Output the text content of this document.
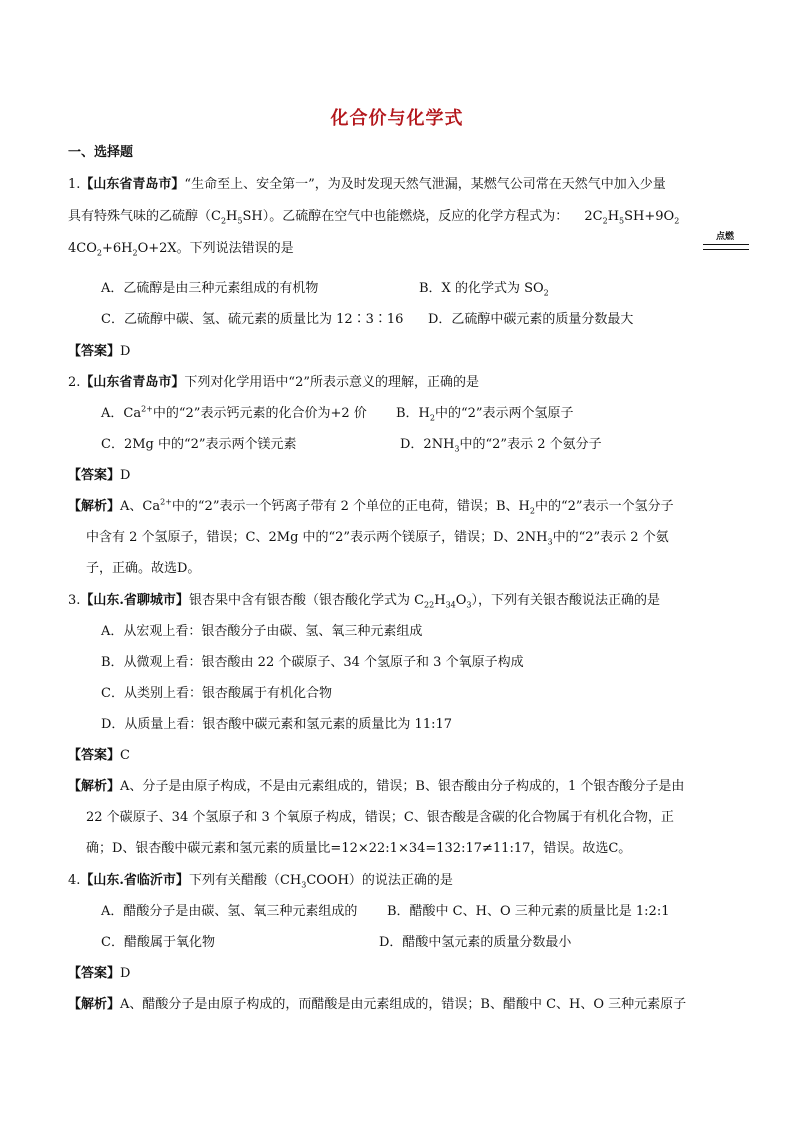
化合价与化学式
一、选择题
1.【山东省青岛市】“生命至上、安全第一”，为及时发现天然气泄漏，某燃气公司常在天然气中加入少量
具有特殊气味的乙硫醇$(C_2H_5SH)$。乙硫醇在空气中也能燃烧，反应的化学方程式为： $2C_2H_5SH+9O_2$
点燃
$4CO_2+6H_2O+2X$。下列说法错误的是
A．乙硫醇是由三种元素组成的有机物	B．X 的化学式为 $SO_2$
C．乙硫醇中碳、氢、硫元素的质量比为 12∶3∶16 D．乙硫醇中碳元素的质量分数最大
【答案】D
2.【山东省青岛市】下列对化学用语中“2”所表示意义的理解，正确的是
A．$Ca^{2+}$中的“2”表示钙元素的化合价为+2 价 B．$H_2$中的“2”表示两个氢原子
C．2Mg 中的“2”表示两个镁元素	D．$2NH_3$中的“2”表示 2 个氨分子
【答案】D
【解析】A、$Ca^{2+}$中的“2”表示一个钙离子带有 2 个单位的正电荷，错误；B、$H_2$中的“2”表示一个氢分子
中含有 2 个氢原子，错误；C、2Mg 中的“2”表示两个镁原子，错误；D、$2NH_3$中的“2”表示 2 个氨
子，正确。故选D。
3.【山东.省聊城市】银杏果中含有银杏酸（银杏酸化学式为 $C_{22}H_{34}O_3$），下列有关银杏酸说法正确的是
A．从宏观上看：银杏酸分子由碳、氢、氧三种元素组成
B．从微观上看：银杏酸由 22 个碳原子、34 个氢原子和 3 个氧原子构成
C．从类别上看：银杏酸属于有机化合物
D．从质量上看：银杏酸中碳元素和氢元素的质量比为 11:17
【答案】C
【解析】A、分子是由原子构成，不是由元素组成的，错误；B、银杏酸由分子构成的，1 个银杏酸分子是由
22 个碳原子、34 个氢原子和 3 个氧原子构成，错误；C、银杏酸是含碳的化合物属于有机化合物，正
确；D、银杏酸中碳元素和氢元素的质量比=12×22:1×34=132:17≠11:17，错误。故选C。
4.【山东.省临沂市】下列有关醋酸$(CH_3COOH)$的说法正确的是
A．醋酸分子是由碳、氢、氧三种元素组成的 B．醋酸中 C、H、O 三种元素的质量比是 1:2:1
C．醋酸属于氧化物	D．醋酸中氢元素的质量分数最小
【答案】D
【解析】A、醋酸分子是由原子构成的，而醋酸是由元素组成的，错误；B、醋酸中 C、H、O 三种元素原子
